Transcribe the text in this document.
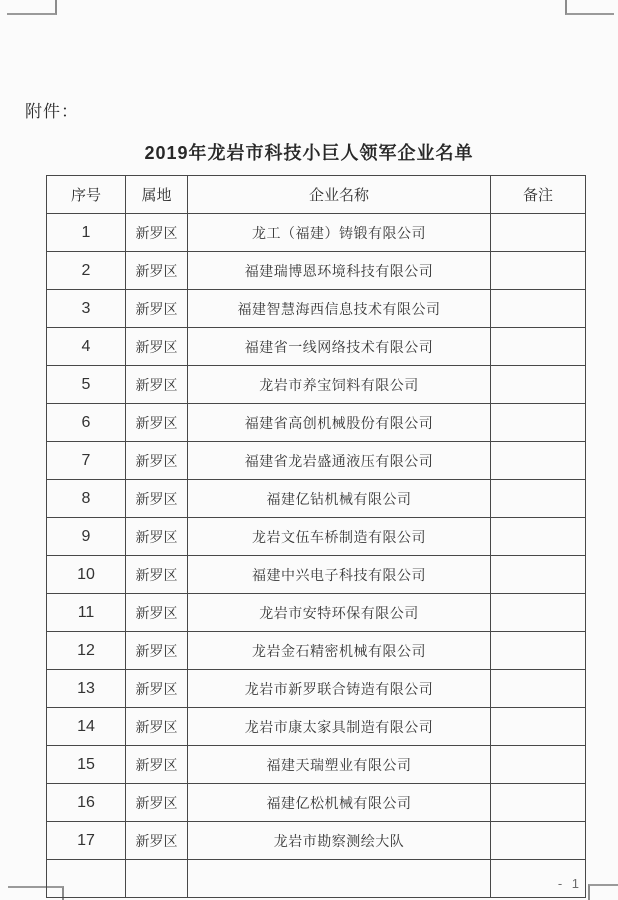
附件：
2019年龙岩市科技小巨人领军企业名单
序号	属地	企业名称	备注
1	新罗区	龙工（福建）铸锻有限公司	
2	新罗区	福建瑞博恩环境科技有限公司	
3	新罗区	福建智慧海西信息技术有限公司	
4	新罗区	福建省一线网络技术有限公司	
5	新罗区	龙岩市养宝饲料有限公司	
6	新罗区	福建省高创机械股份有限公司	
7	新罗区	福建省龙岩盛通液压有限公司	
8	新罗区	福建亿钻机械有限公司	
9	新罗区	龙岩文伍车桥制造有限公司	
10	新罗区	福建中兴电子科技有限公司	
11	新罗区	龙岩市安特环保有限公司	
12	新罗区	龙岩金石精密机械有限公司	
13	新罗区	龙岩市新罗联合铸造有限公司	
14	新罗区	龙岩市康太家具制造有限公司	
15	新罗区	福建天瑞塑业有限公司	
16	新罗区	福建亿松机械有限公司	
17	新罗区	龙岩市勘察测绘大队	

- 1
